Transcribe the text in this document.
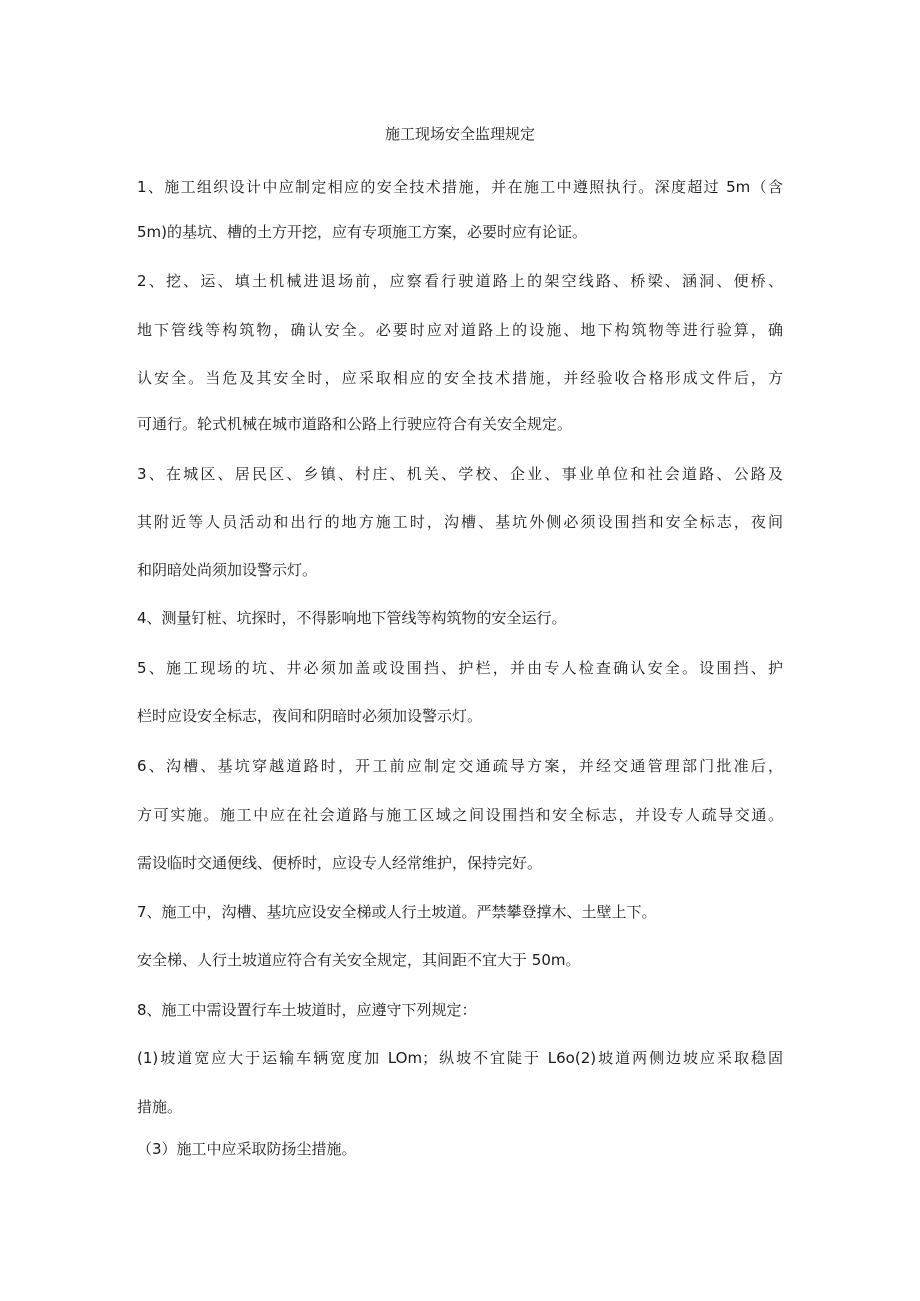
施工现场安全监理规定

1、施工组织设计中应制定相应的安全技术措施，并在施工中遵照执行。深度超过 5m（含

5m)的基坑、槽的土方开挖，应有专项施工方案，必要时应有论证。

2、挖、运、填土机械进退场前，应察看行驶道路上的架空线路、桥梁、涵洞、便桥、

地下管线等构筑物，确认安全。必要时应对道路上的设施、地下构筑物等进行验算，确

认安全。当危及其安全时，应采取相应的安全技术措施，并经验收合格形成文件后，方

可通行。轮式机械在城市道路和公路上行驶应符合有关安全规定。

3、在城区、居民区、乡镇、村庄、机关、学校、企业、事业单位和社会道路、公路及

其附近等人员活动和出行的地方施工时，沟槽、基坑外侧必须设围挡和安全标志，夜间

和阴暗处尚须加设警示灯。

4、测量钉桩、坑探时，不得影响地下管线等构筑物的安全运行。

5、施工现场的坑、井必须加盖或设围挡、护栏，并由专人检查确认安全。设围挡、护

栏时应设安全标志，夜间和阴暗时必须加设警示灯。

6、沟槽、基坑穿越道路时，开工前应制定交通疏导方案，并经交通管理部门批准后，

方可实施。施工中应在社会道路与施工区域之间设围挡和安全标志，并设专人疏导交通。

需设临时交通便线、便桥时，应设专人经常维护，保持完好。

7、施工中，沟槽、基坑应设安全梯或人行土坡道。严禁攀登撑木、土壁上下。

安全梯、人行土坡道应符合有关安全规定，其间距不宜大于 50m。

8、施工中需设置行车土坡道时，应遵守下列规定：

(1)坡道宽应大于运输车辆宽度加 LOm；纵坡不宜陡于 L6o(2)坡道两侧边坡应采取稳固

措施。

（3）施工中应采取防扬尘措施。
